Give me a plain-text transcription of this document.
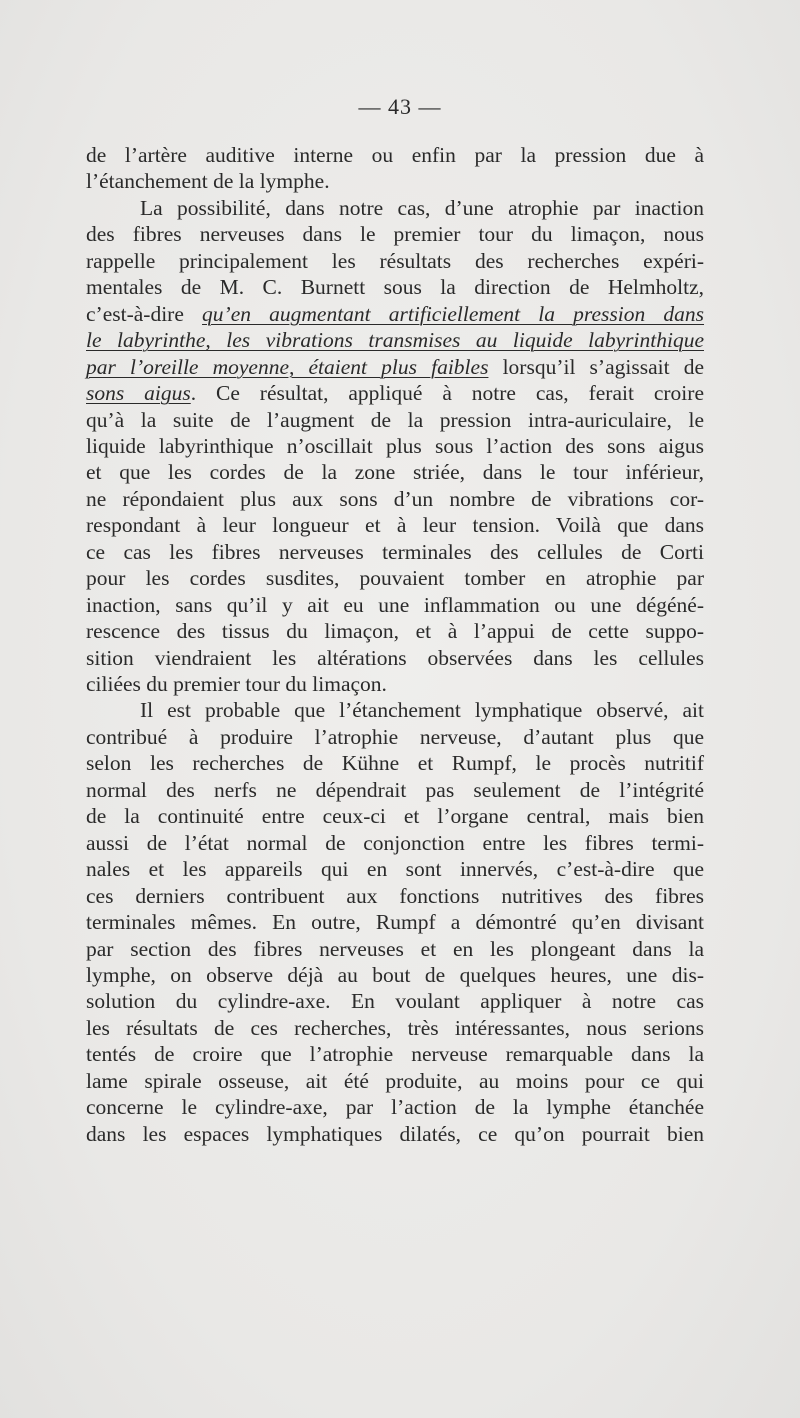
— 43 —
de l’artère auditive interne ou enfin par la pression due à
l’étanchement de la lymphe.
La possibilité, dans notre cas, d’une atrophie par inaction
des fibres nerveuses dans le premier tour du limaçon, nous
rappelle principalement les résultats des recherches expéri-
mentales de M. C. Burnett sous la direction de Helmholtz,
c’est-à-dire qu’en augmentant artificiellement la pression dans
le labyrinthe, les vibrations transmises au liquide labyrinthique
par l’oreille moyenne, étaient plus faibles lorsqu’il s’agissait de
sons aigus. Ce résultat, appliqué à notre cas, ferait croire
qu’à la suite de l’augment de la pression intra-auriculaire, le
liquide labyrinthique n’oscillait plus sous l’action des sons aigus
et que les cordes de la zone striée, dans le tour inférieur,
ne répondaient plus aux sons d’un nombre de vibrations cor-
respondant à leur longueur et à leur tension. Voilà que dans
ce cas les fibres nerveuses terminales des cellules de Corti
pour les cordes susdites, pouvaient tomber en atrophie par
inaction, sans qu’il y ait eu une inflammation ou une dégéné-
rescence des tissus du limaçon, et à l’appui de cette suppo-
sition viendraient les altérations observées dans les cellules
ciliées du premier tour du limaçon.
Il est probable que l’étanchement lymphatique observé, ait
contribué à produire l’atrophie nerveuse, d’autant plus que
selon les recherches de Kühne et Rumpf, le procès nutritif
normal des nerfs ne dépendrait pas seulement de l’intégrité
de la continuité entre ceux-ci et l’organe central, mais bien
aussi de l’état normal de conjonction entre les fibres termi-
nales et les appareils qui en sont innervés, c’est-à-dire que
ces derniers contribuent aux fonctions nutritives des fibres
terminales mêmes. En outre, Rumpf a démontré qu’en divisant
par section des fibres nerveuses et en les plongeant dans la
lymphe, on observe déjà au bout de quelques heures, une dis-
solution du cylindre-axe. En voulant appliquer à notre cas
les résultats de ces recherches, très intéressantes, nous serions
tentés de croire que l’atrophie nerveuse remarquable dans la
lame spirale osseuse, ait été produite, au moins pour ce qui
concerne le cylindre-axe, par l’action de la lymphe étanchée
dans les espaces lymphatiques dilatés, ce qu’on pourrait bien
